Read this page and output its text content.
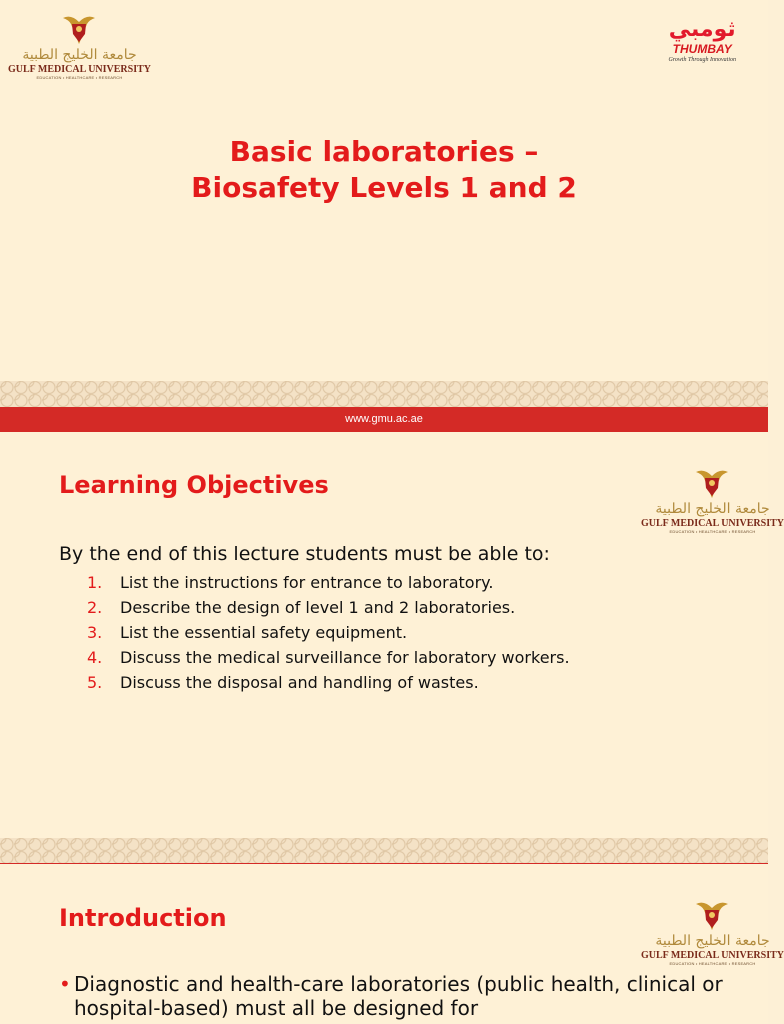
جامعة الخليج الطبية
GULF MEDICAL UNIVERSITY
EDUCATION • HEALTHCARE • RESEARCH
ثومبي
THUMBAY
Growth Through Innovation
Basic laboratories –
Biosafety Levels 1 and 2
www.gmu.ac.ae
جامعة الخليج الطبية
GULF MEDICAL UNIVERSITY
EDUCATION • HEALTHCARE • RESEARCH
Learning Objectives
By the end of this lecture students must be able to:
1.	List the instructions for entrance to laboratory.
2.	Describe the design of level 1 and 2 laboratories.
3.	List the essential safety equipment.
4.	Discuss the medical surveillance for laboratory workers.
5.	Discuss the disposal and handling of wastes.
جامعة الخليج الطبية
GULF MEDICAL UNIVERSITY
EDUCATION • HEALTHCARE • RESEARCH
Introduction
• Diagnostic and health-care laboratories (public health, clinical or hospital-based) must all be designed for
